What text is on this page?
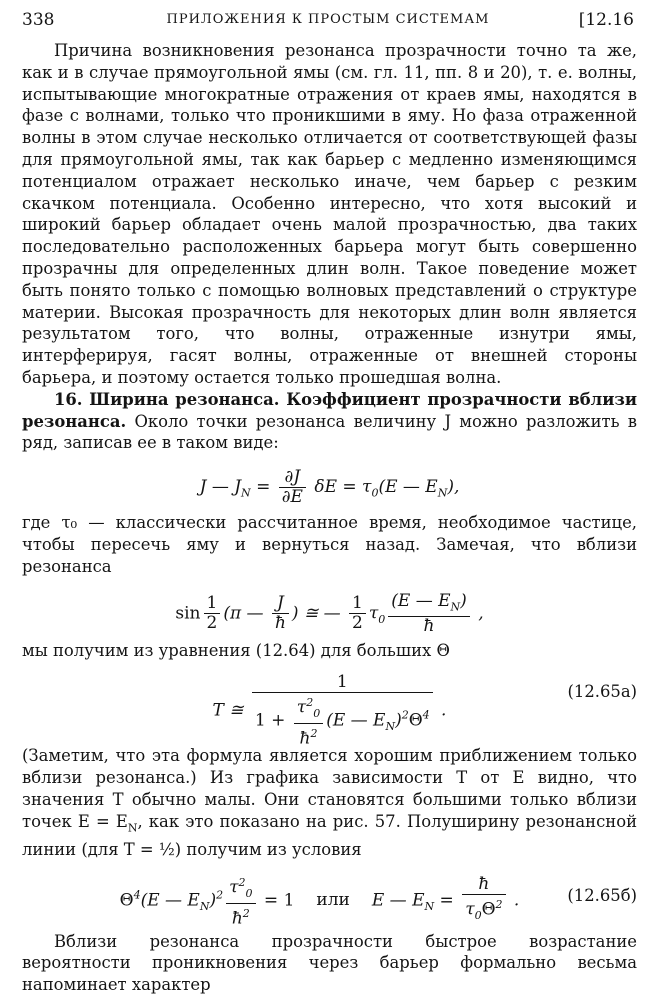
338	ПРИЛОЖЕНИЯ К ПРОСТЫМ СИСТЕМАМ	[12.16

Причина возникновения резонанса прозрачности точно та же, как и в случае прямоугольной ямы (см. гл. 11, пп. 8 и 20), т. е. волны, испытывающие многократные отражения от краев ямы, находятся в фазе с волнами, только что проникшими в яму. Но фаза отраженной волны в этом случае несколько отличается от соответствующей фазы для прямоугольной ямы, так как барьер с медленно изменяющимся потенциалом отражает несколько иначе, чем барьер с резким скачком потенциала. Особенно интересно, что хотя высокий и широкий барьер обладает очень малой прозрачностью, два таких последовательно расположенных барьера могут быть совершенно прозрачны для определенных длин волн. Такое поведение может быть понято только с помощью волновых представлений о структуре материи. Высокая прозрачность для некоторых длин волн является результатом того, что волны, отраженные изнутри ямы, интерферируя, гасят волны, отраженные от внешней стороны барьера, и поэтому остается только прошедшая волна.

16. Ширина резонанса. Коэффициент прозрачности вблизи резонанса. Около точки резонанса величину J можно разложить в ряд, записав ее в таком виде:

J — $J_N = \frac{\partial J}{\partial E}$ $\delta E = \tau_0(E$ — $E_N$),

где τ₀ — классически рассчитанное время, необходимое частице, чтобы пересечь яму и вернуться назад. Замечая, что вблизи резонанса

$\sin \frac{1}{2} (\pi$ — $\frac{J}{ħ}$ ) ≅ — $\frac{1}{2} \tau_0 \frac{(E — E_N)}{ħ}$ ,

мы получим из уравнения (12.64) для больших Θ

T ≅ $\frac{1}{1 + \frac{\tau^2_0}{ħ^2} (E — E_N)^2\Theta^4}$ .
(12.65а)

(Заметим, что эта формула является хорошим приближением только вблизи резонанса.) Из графика зависимости T от E видно, что значения T обычно малы. Они становятся большими только вблизи точек $E = E_N$, как это показано на рис. 57. Полуширину резонансной линии (для T = ½) получим из условия

$\Theta^4(E$ — $E_N)^2 \frac{\tau^2_0}{ħ^2} = 1$ или E — $E_N = \frac{ħ}{\tau_0\Theta^2}$ .	(12.65б)

Вблизи резонанса прозрачности быстрое возрастание вероятности проникновения через барьер формально весьма напоминает характер
